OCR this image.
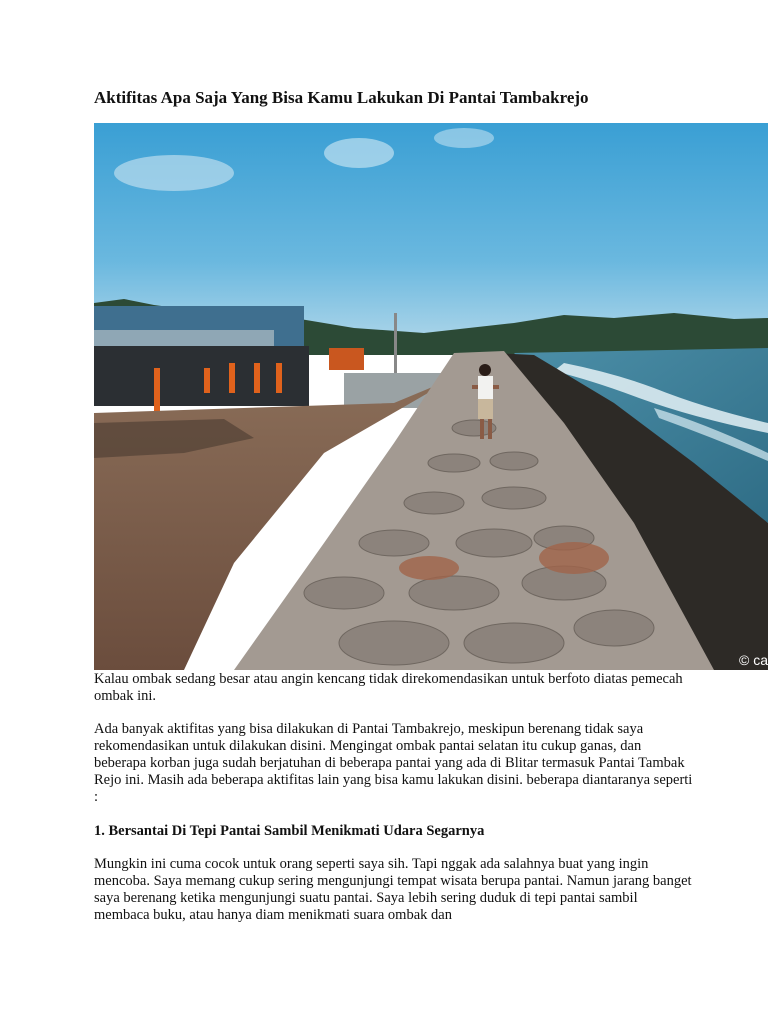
Aktifitas Apa Saja Yang Bisa Kamu Lakukan Di Pantai Tambakrejo
© ca

Kalau ombak sedang besar atau angin kencang tidak direkomendasikan untuk berfoto diatas pemecah ombak ini.

Ada banyak aktifitas yang bisa dilakukan di Pantai Tambakrejo, meskipun berenang tidak saya rekomendasikan untuk dilakukan disini. Mengingat ombak pantai selatan itu cukup ganas, dan beberapa korban juga sudah berjatuhan di beberapa pantai yang ada di Blitar termasuk Pantai Tambak Rejo ini. Masih ada beberapa aktifitas lain yang bisa kamu lakukan disini. beberapa diantaranya seperti :

1. Bersantai Di Tepi Pantai Sambil Menikmati Udara Segarnya

Mungkin ini cuma cocok untuk orang seperti saya sih. Tapi nggak ada salahnya buat yang ingin mencoba. Saya memang cukup sering mengunjungi tempat wisata berupa pantai. Namun jarang banget saya berenang ketika mengunjungi suatu pantai. Saya lebih sering duduk di tepi pantai sambil membaca buku, atau hanya diam menikmati suara ombak dan
